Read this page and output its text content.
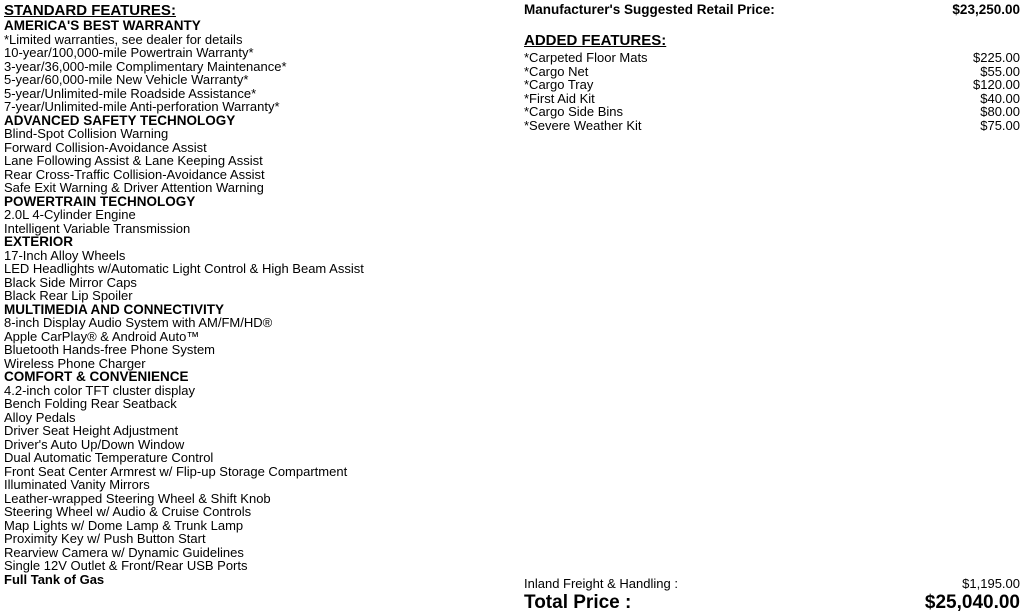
STANDARD FEATURES:
AMERICA'S BEST WARRANTY
*Limited warranties, see dealer for details
10-year/100,000-mile Powertrain Warranty*
3-year/36,000-mile Complimentary Maintenance*
5-year/60,000-mile New Vehicle Warranty*
5-year/Unlimited-mile Roadside Assistance*
7-year/Unlimited-mile Anti-perforation Warranty*
ADVANCED SAFETY TECHNOLOGY
Blind-Spot Collision Warning
Forward Collision-Avoidance Assist
Lane Following Assist & Lane Keeping Assist
Rear Cross-Traffic Collision-Avoidance Assist
Safe Exit Warning & Driver Attention Warning
POWERTRAIN TECHNOLOGY
2.0L 4-Cylinder Engine
Intelligent Variable Transmission
EXTERIOR
17-Inch Alloy Wheels
LED Headlights w/Automatic Light Control & High Beam Assist
Black Side Mirror Caps
Black Rear Lip Spoiler
MULTIMEDIA AND CONNECTIVITY
8-inch Display Audio System with AM/FM/HD®
Apple CarPlay® & Android Auto™
Bluetooth Hands-free Phone System
Wireless Phone Charger
COMFORT & CONVENIENCE
4.2-inch color TFT cluster display
Bench Folding Rear Seatback
Alloy Pedals
Driver Seat Height Adjustment
Driver's Auto Up/Down Window
Dual Automatic Temperature Control
Front Seat Center Armrest w/ Flip-up Storage Compartment
Illuminated Vanity Mirrors
Leather-wrapped Steering Wheel & Shift Knob
Steering Wheel w/ Audio & Cruise Controls
Map Lights w/ Dome Lamp & Trunk Lamp
Proximity Key w/ Push Button Start
Rearview Camera w/ Dynamic Guidelines
Single 12V Outlet & Front/Rear USB Ports
Full Tank of Gas
Manufacturer's Suggested Retail Price:	$23,250.00
ADDED FEATURES:
*Carpeted Floor Mats	$225.00
*Cargo Net	$55.00
*Cargo Tray	$120.00
*First Aid Kit	$40.00
*Cargo Side Bins	$80.00
*Severe Weather Kit	$75.00
Inland Freight & Handling :	$1,195.00
Total Price :	$25,040.00
